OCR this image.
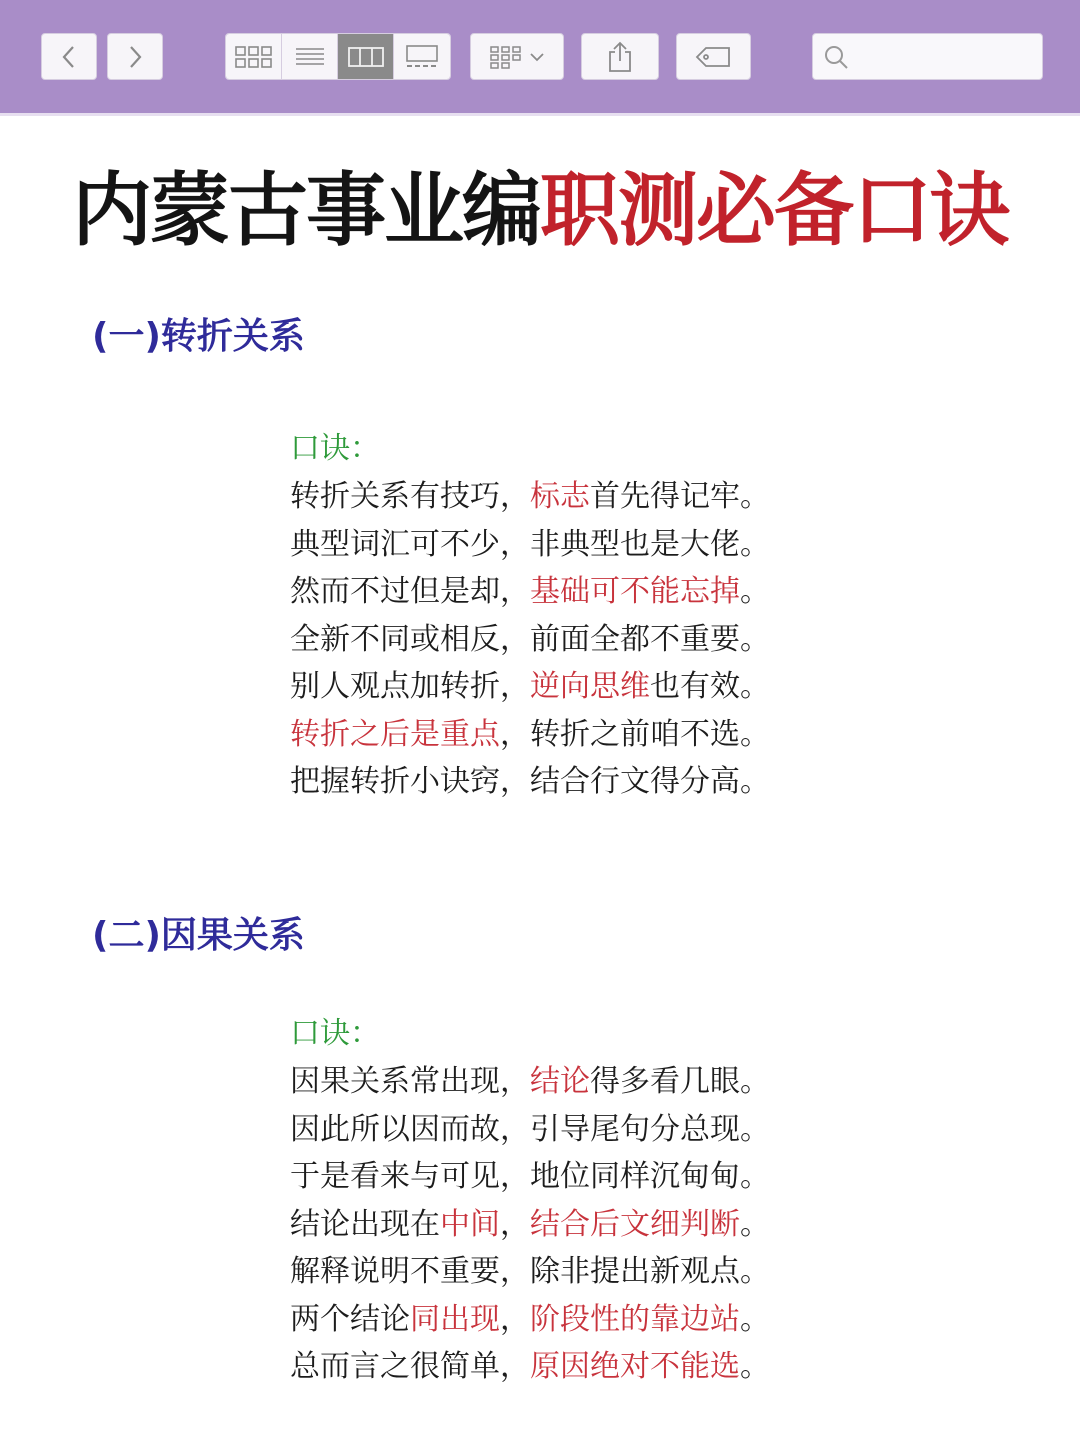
内蒙古事业编职测必备口诀
(一)转折关系
口诀：
转折关系有技巧，标志首先得记牢。
典型词汇可不少，非典型也是大佬。
然而不过但是却，基础可不能忘掉。
全新不同或相反，前面全都不重要。
别人观点加转折，逆向思维也有效。
转折之后是重点，转折之前咱不选。
把握转折小诀窍，结合行文得分高。
(二)因果关系
口诀：
因果关系常出现，结论得多看几眼。
因此所以因而故，引导尾句分总现。
于是看来与可见，地位同样沉甸甸。
结论出现在中间，结合后文细判断。
解释说明不重要，除非提出新观点。
两个结论同出现，阶段性的靠边站。
总而言之很简单，原因绝对不能选。
